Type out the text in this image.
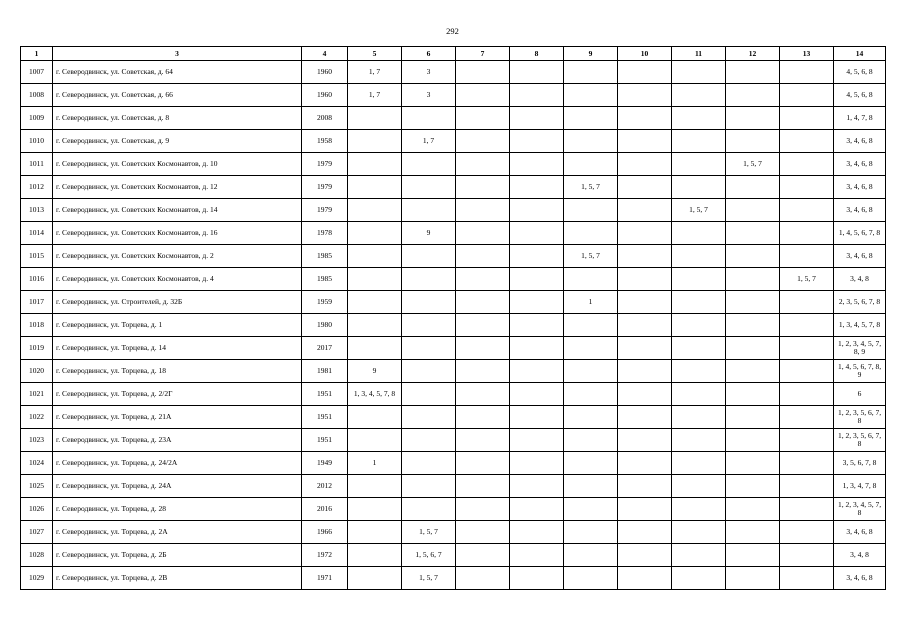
292
1	3	4	5	6	7	8	9	10	11	12	13	14
1007	г. Северодвинск, ул. Советская, д. 64	1960	1, 7	3								4, 5, 6, 8
1008	г. Северодвинск, ул. Советская, д. 66	1960	1, 7	3								4, 5, 6, 8
1009	г. Северодвинск, ул. Советская, д. 8	2008										1, 4, 7, 8
1010	г. Северодвинск, ул. Советская, д. 9	1958		1, 7								3, 4, 6, 8
1011	г. Северодвинск, ул. Советских Космонавтов, д. 10	1979								1, 5, 7		3, 4, 6, 8
1012	г. Северодвинск, ул. Советских Космонавтов, д. 12	1979					1, 5, 7					3, 4, 6, 8
1013	г. Северодвинск, ул. Советских Космонавтов, д. 14	1979							1, 5, 7			3, 4, 6, 8
1014	г. Северодвинск, ул. Советских Космонавтов, д. 16	1978		9								1, 4, 5, 6, 7, 8
1015	г. Северодвинск, ул. Советских Космонавтов, д. 2	1985					1, 5, 7					3, 4, 6, 8
1016	г. Северодвинск, ул. Советских Космонавтов, д. 4	1985									1, 5, 7	3, 4, 8
1017	г. Северодвинск, ул. Строителей, д. 32Б	1959					1					2, 3, 5, 6, 7, 8
1018	г. Северодвинск, ул. Торцева, д. 1	1980										1, 3, 4, 5, 7, 8
1019	г. Северодвинск, ул. Торцева, д. 14	2017										1, 2, 3, 4, 5, 7, 8, 9
1020	г. Северодвинск, ул. Торцева, д. 18	1981	9									1, 4, 5, 6, 7, 8, 9
1021	г. Северодвинск, ул. Торцева, д. 2/2Г	1951	1, 3, 4, 5, 7, 8									6
1022	г. Северодвинск, ул. Торцева, д. 21А	1951										1, 2, 3, 5, 6, 7, 8
1023	г. Северодвинск, ул. Торцева, д. 23А	1951										1, 2, 3, 5, 6, 7, 8
1024	г. Северодвинск, ул. Торцева, д. 24/2А	1949	1									3, 5, 6, 7, 8
1025	г. Северодвинск, ул. Торцева, д. 24А	2012										1, 3, 4, 7, 8
1026	г. Северодвинск, ул. Торцева, д. 28	2016										1, 2, 3, 4, 5, 7, 8
1027	г. Северодвинск, ул. Торцева, д. 2А	1966		1, 5, 7								3, 4, 6, 8
1028	г. Северодвинск, ул. Торцева, д. 2Б	1972		1, 5, 6, 7								3, 4, 8
1029	г. Северодвинск, ул. Торцева, д. 2В	1971		1, 5, 7								3, 4, 6, 8
